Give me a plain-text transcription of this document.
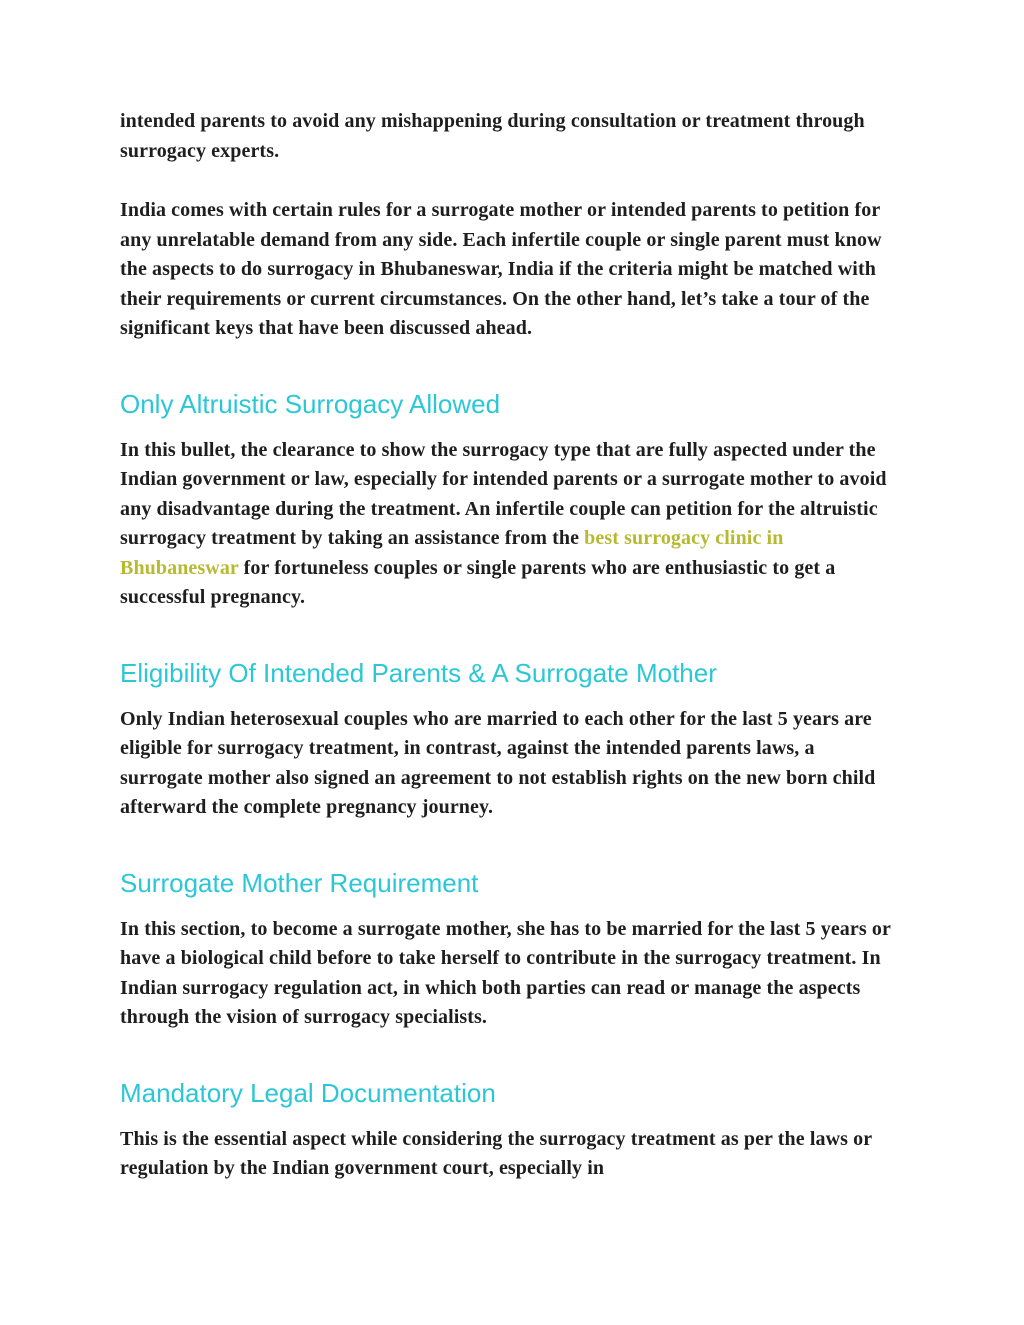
intended parents to avoid any mishappening during consultation or treatment through surrogacy experts.

India comes with certain rules for a surrogate mother or intended parents to petition for any unrelatable demand from any side. Each infertile couple or single parent must know the aspects to do surrogacy in Bhubaneswar, India if the criteria might be matched with their requirements or current circumstances. On the other hand, let’s take a tour of the significant keys that have been discussed ahead.

Only Altruistic Surrogacy Allowed

In this bullet, the clearance to show the surrogacy type that are fully aspected under the Indian government or law, especially for intended parents or a surrogate mother to avoid any disadvantage during the treatment. An infertile couple can petition for the altruistic surrogacy treatment by taking an assistance from the best surrogacy clinic in Bhubaneswar for fortuneless couples or single parents who are enthusiastic to get a successful pregnancy.

Eligibility Of Intended Parents & A Surrogate Mother

Only Indian heterosexual couples who are married to each other for the last 5 years are eligible for surrogacy treatment, in contrast, against the intended parents laws, a surrogate mother also signed an agreement to not establish rights on the new born child afterward the complete pregnancy journey.

Surrogate Mother Requirement

In this section, to become a surrogate mother, she has to be married for the last 5 years or have a biological child before to take herself to contribute in the surrogacy treatment. In Indian surrogacy regulation act, in which both parties can read or manage the aspects through the vision of surrogacy specialists.

Mandatory Legal Documentation

This is the essential aspect while considering the surrogacy treatment as per the laws or regulation by the Indian government court, especially in
